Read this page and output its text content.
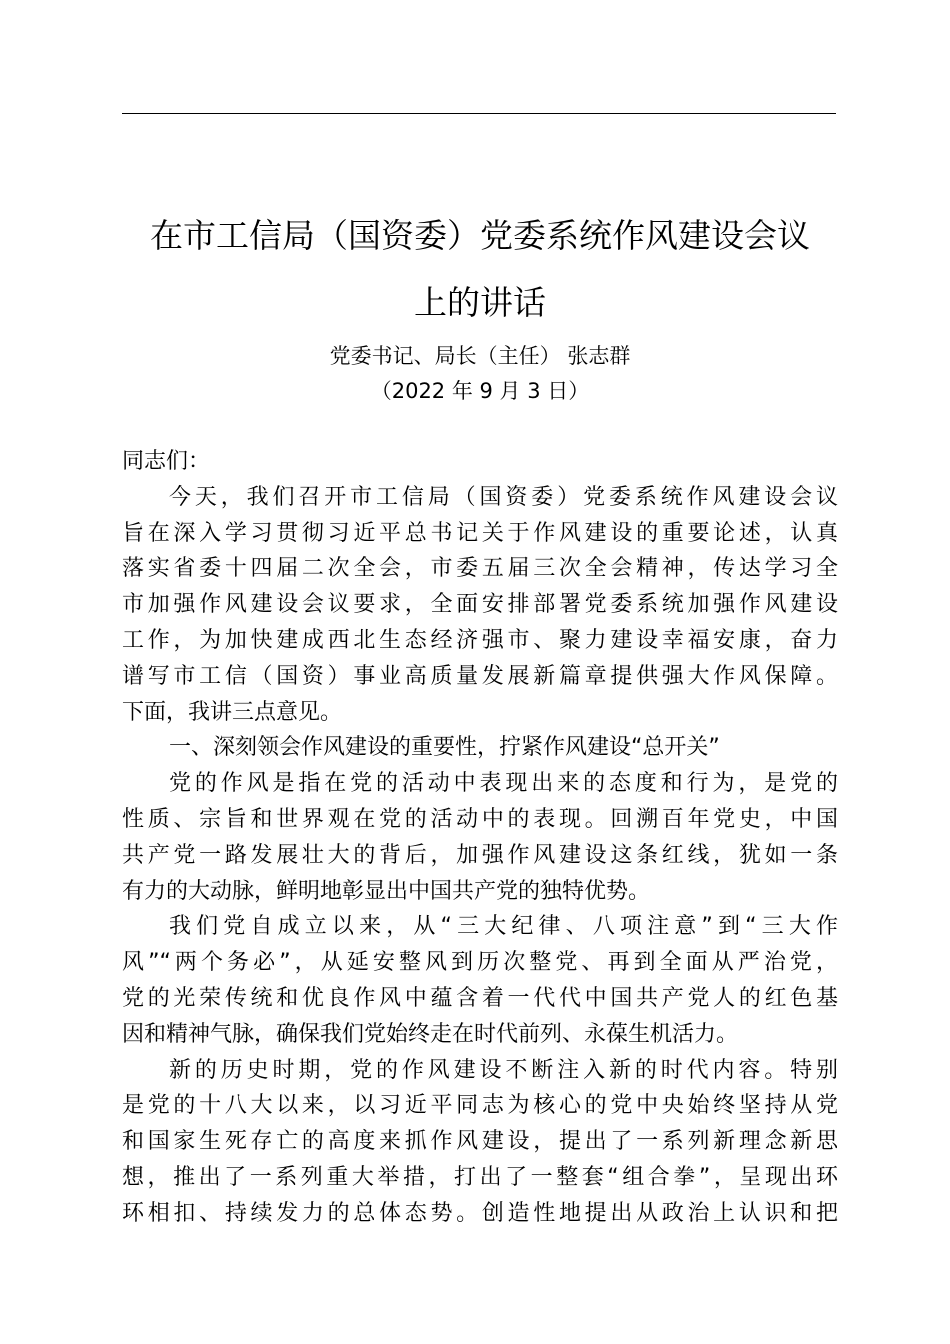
在市工信局（国资委）党委系统作风建设会议
上的讲话

党委书记、局长（主任） 张志群

（2022 年 9 月 3 日）

同志们：
今天，我们召开市工信局（国资委）党委系统作风建设会议
旨在深入学习贯彻习近平总书记关于作风建设的重要论述，认真
落实省委十四届二次全会，市委五届三次全会精神，传达学习全
市加强作风建设会议要求，全面安排部署党委系统加强作风建设
工作，为加快建成西北生态经济强市、聚力建设幸福安康，奋力
谱写市工信（国资）事业高质量发展新篇章提供强大作风保障。
下面，我讲三点意见。
一、深刻领会作风建设的重要性，拧紧作风建设“总开关”
党的作风是指在党的活动中表现出来的态度和行为，是党的
性质、宗旨和世界观在党的活动中的表现。回溯百年党史，中国
共产党一路发展壮大的背后，加强作风建设这条红线，犹如一条
有力的大动脉，鲜明地彰显出中国共产党的独特优势。
我们党自成立以来，从“三大纪律、八项注意”到“三大作
风”“两个务必”，从延安整风到历次整党、再到全面从严治党，
党的光荣传统和优良作风中蕴含着一代代中国共产党人的红色基
因和精神气脉，确保我们党始终走在时代前列、永葆生机活力。
新的历史时期，党的作风建设不断注入新的时代内容。特别
是党的十八大以来，以习近平同志为核心的党中央始终坚持从党
和国家生死存亡的高度来抓作风建设，提出了一系列新理念新思
想，推出了一系列重大举措，打出了一整套“组合拳”，呈现出环
环相扣、持续发力的总体态势。创造性地提出从政治上认识和把
